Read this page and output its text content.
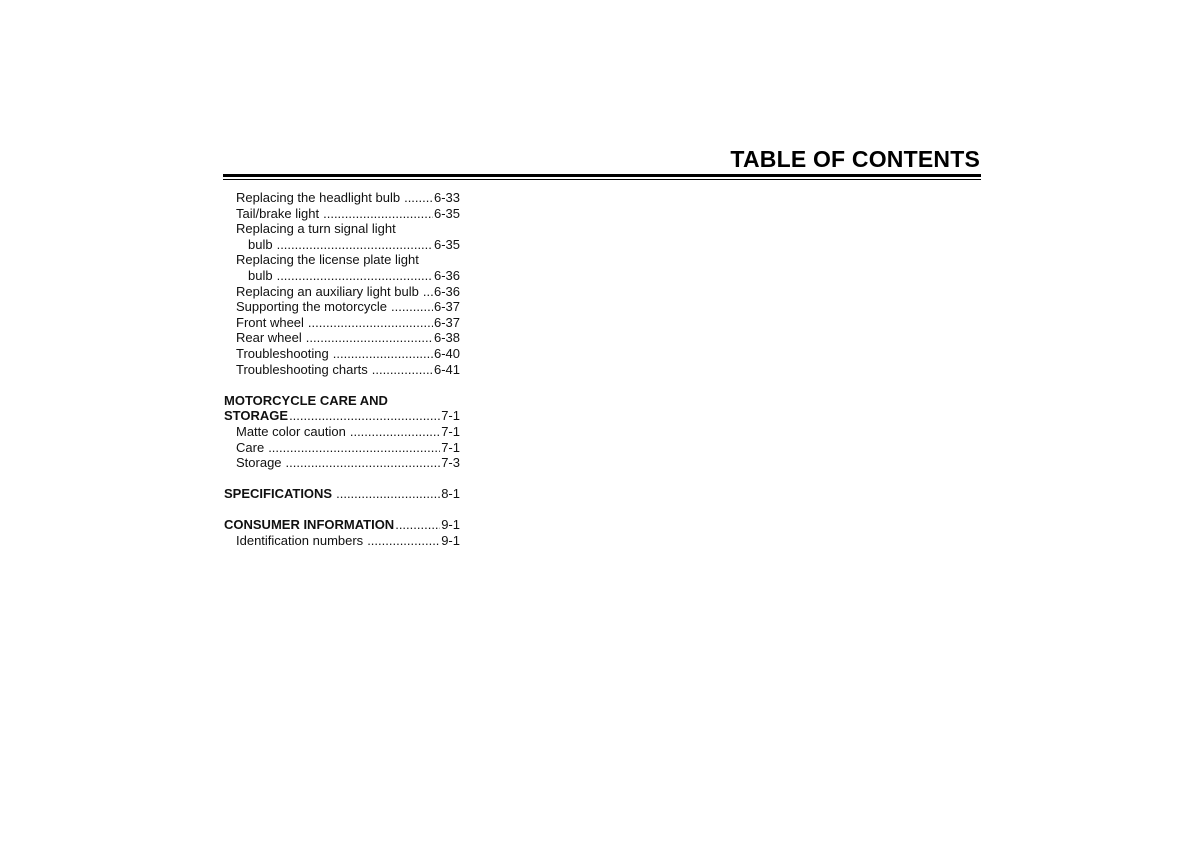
TABLE OF CONTENTS
Replacing the headlight bulb .....	6-33
Tail/brake light .....	6-35
Replacing a turn signal light
bulb .....	6-35
Replacing the license plate light
bulb .....	6-36
Replacing an auxiliary light bulb ..... 6-36
Supporting the motorcycle .....	6-37
Front wheel .....	6-37
Rear wheel .....	6-38
Troubleshooting .....	6-40
Troubleshooting charts .....	6-41
MOTORCYCLE CARE AND
STORAGE .....	7-1
Matte color caution .....	7-1
Care .....	7-1
Storage .....	7-3
SPECIFICATIONS .....	8-1
CONSUMER INFORMATION .....	9-1
Identification numbers .....	9-1
